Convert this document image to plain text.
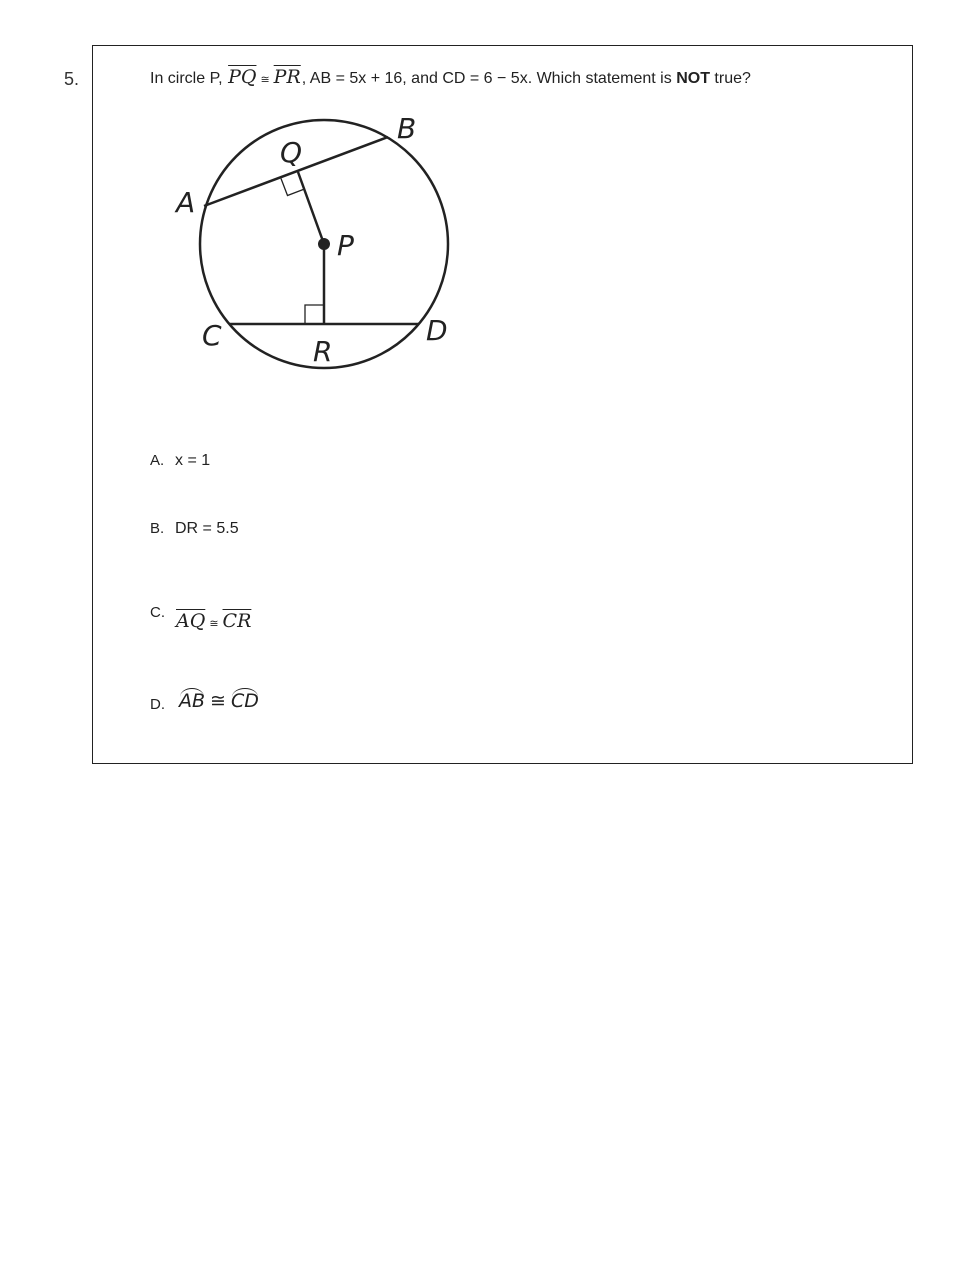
5.	In circle P, $\overline{PQ}$ ≅ $\overline{PR}$, AB = 5x + 16, and CD = 6 − 5x. Which statement is NOT true?
A
B
Q
P
C	D
R
A. x = 1
B. DR = 5.5
C. $\overline{AQ}$ ≅ $\overline{CR}$
D. AB ≅ CD
